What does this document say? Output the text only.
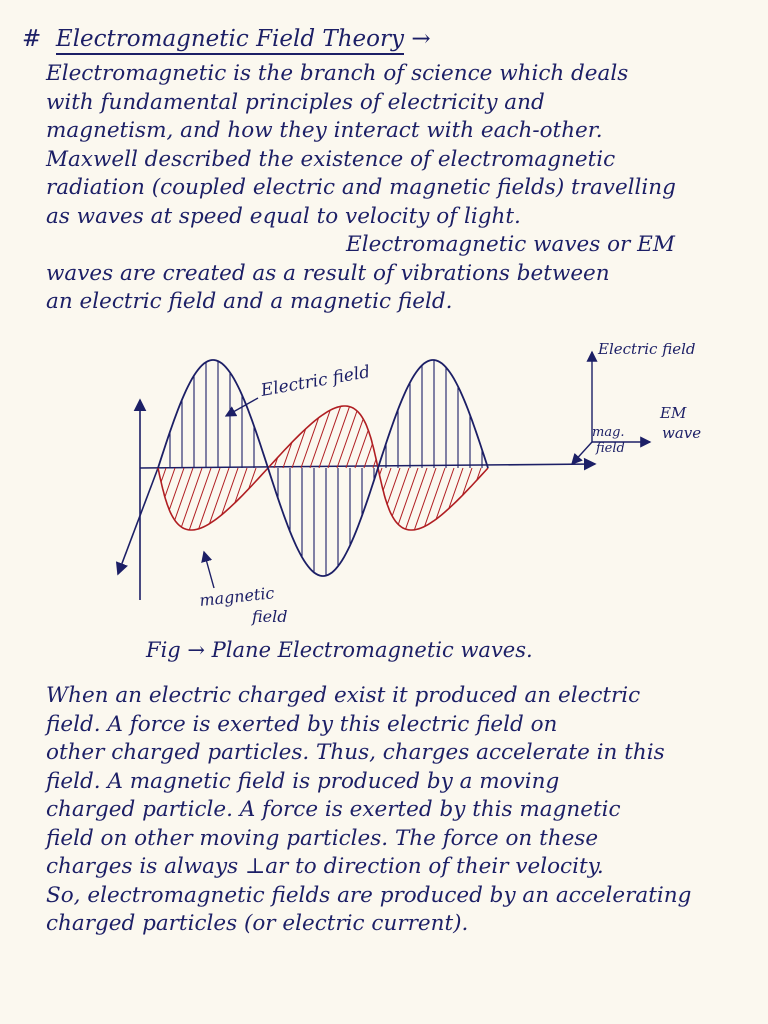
# Electromagnetic Field Theory →

Electromagnetic is the branch of science which deals
with fundamental principles of electricity and
magnetism, and how they interact with each-other.
Maxwell described the existence of electromagnetic
radiation (coupled electric and magnetic fields) travelling
as waves at speed equal to velocity of light.
Electromagnetic waves or EM
waves are created as a result of vibrations between
an electric field and a magnetic field.

Electric field
magnetic
field
Electric field
mag.
field
EM
wave
Fig → Plane Electromagnetic waves.

When an electric charged exist it produced an electric
field. A force is exerted by this electric field on
other charged particles. Thus, charges accelerate in this
field. A magnetic field is produced by a moving
charged particle. A force is exerted by this magnetic
field on other moving particles. The force on these
charges is always ⊥ar to direction of their velocity.
So, electromagnetic fields are produced by an accelerating
charged particles (or electric current).
